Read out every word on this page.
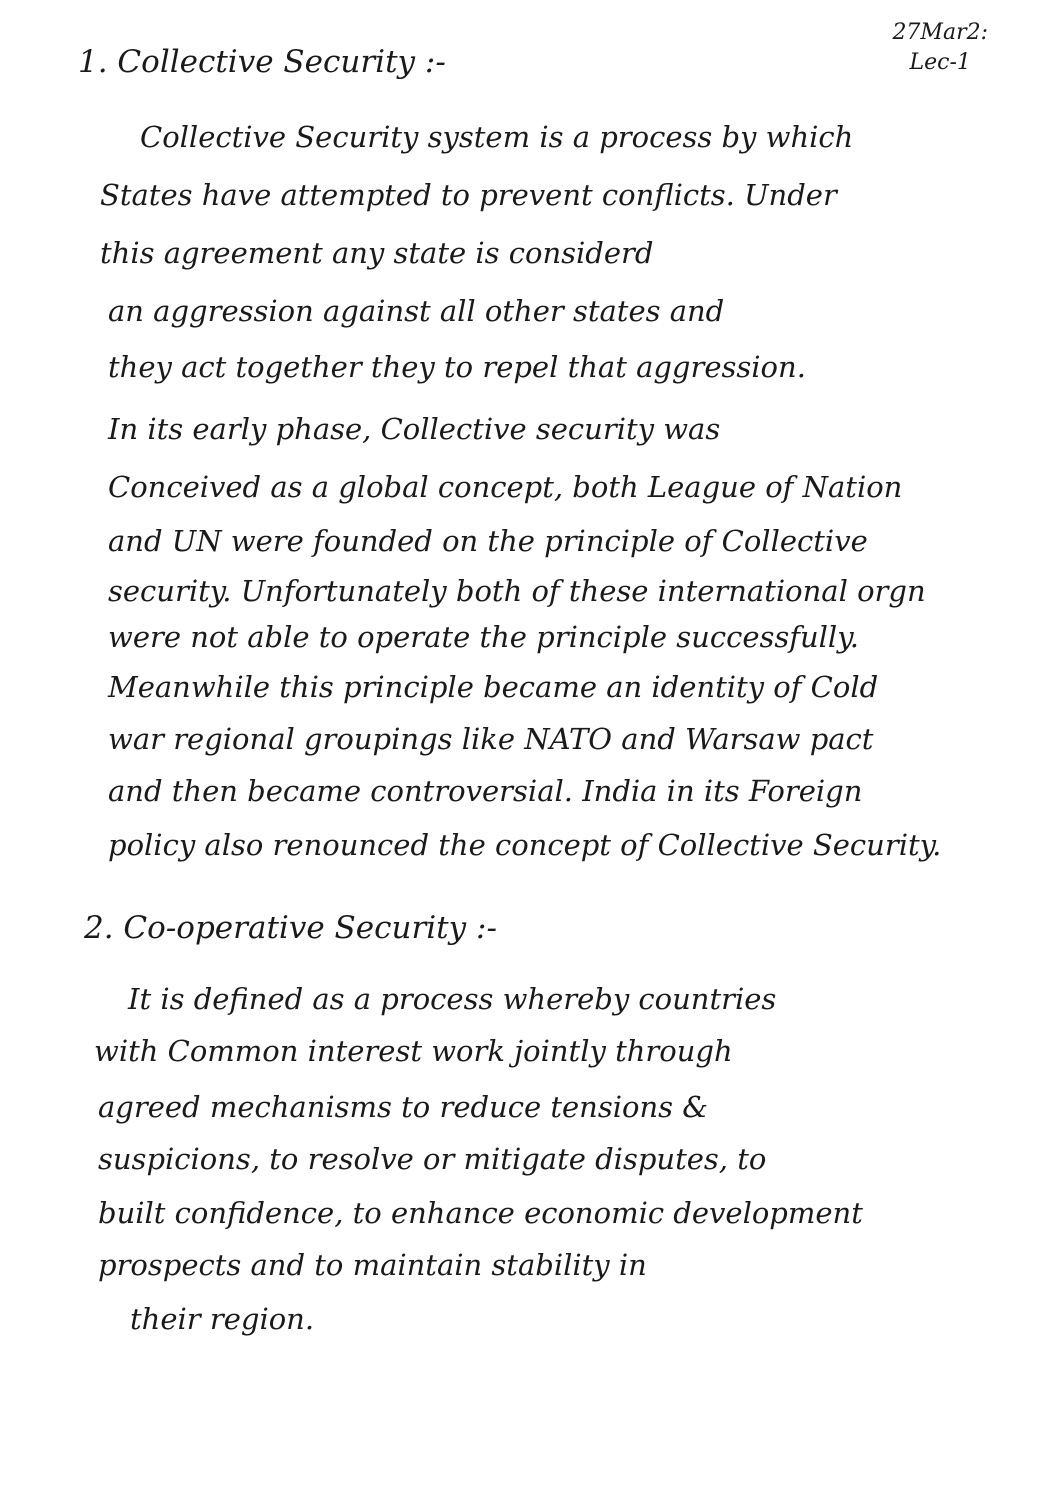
27Mar2:
Lec-1
1. Collective Security :-
Collective Security system is a process by which
States have attempted to prevent conflicts. Under
this agreement any state is considerd
an aggression against all other states and
they act together they to repel that aggression.
In its early phase, Collective security was
Conceived as a global concept, both League of Nation
and UN were founded on the principle of Collective
security. Unfortunately both of these international orgn
were not able to operate the principle successfully.
Meanwhile this principle became an identity of Cold
war regional groupings like NATO and Warsaw pact
and then became controversial. India in its Foreign
policy also renounced the concept of Collective Security.
2. Co-operative Security :-
It is defined as a process whereby countries
with Common interest work jointly through
agreed mechanisms to reduce tensions &
suspicions, to resolve or mitigate disputes, to
built confidence, to enhance economic development
prospects and to maintain stability in
their region.
